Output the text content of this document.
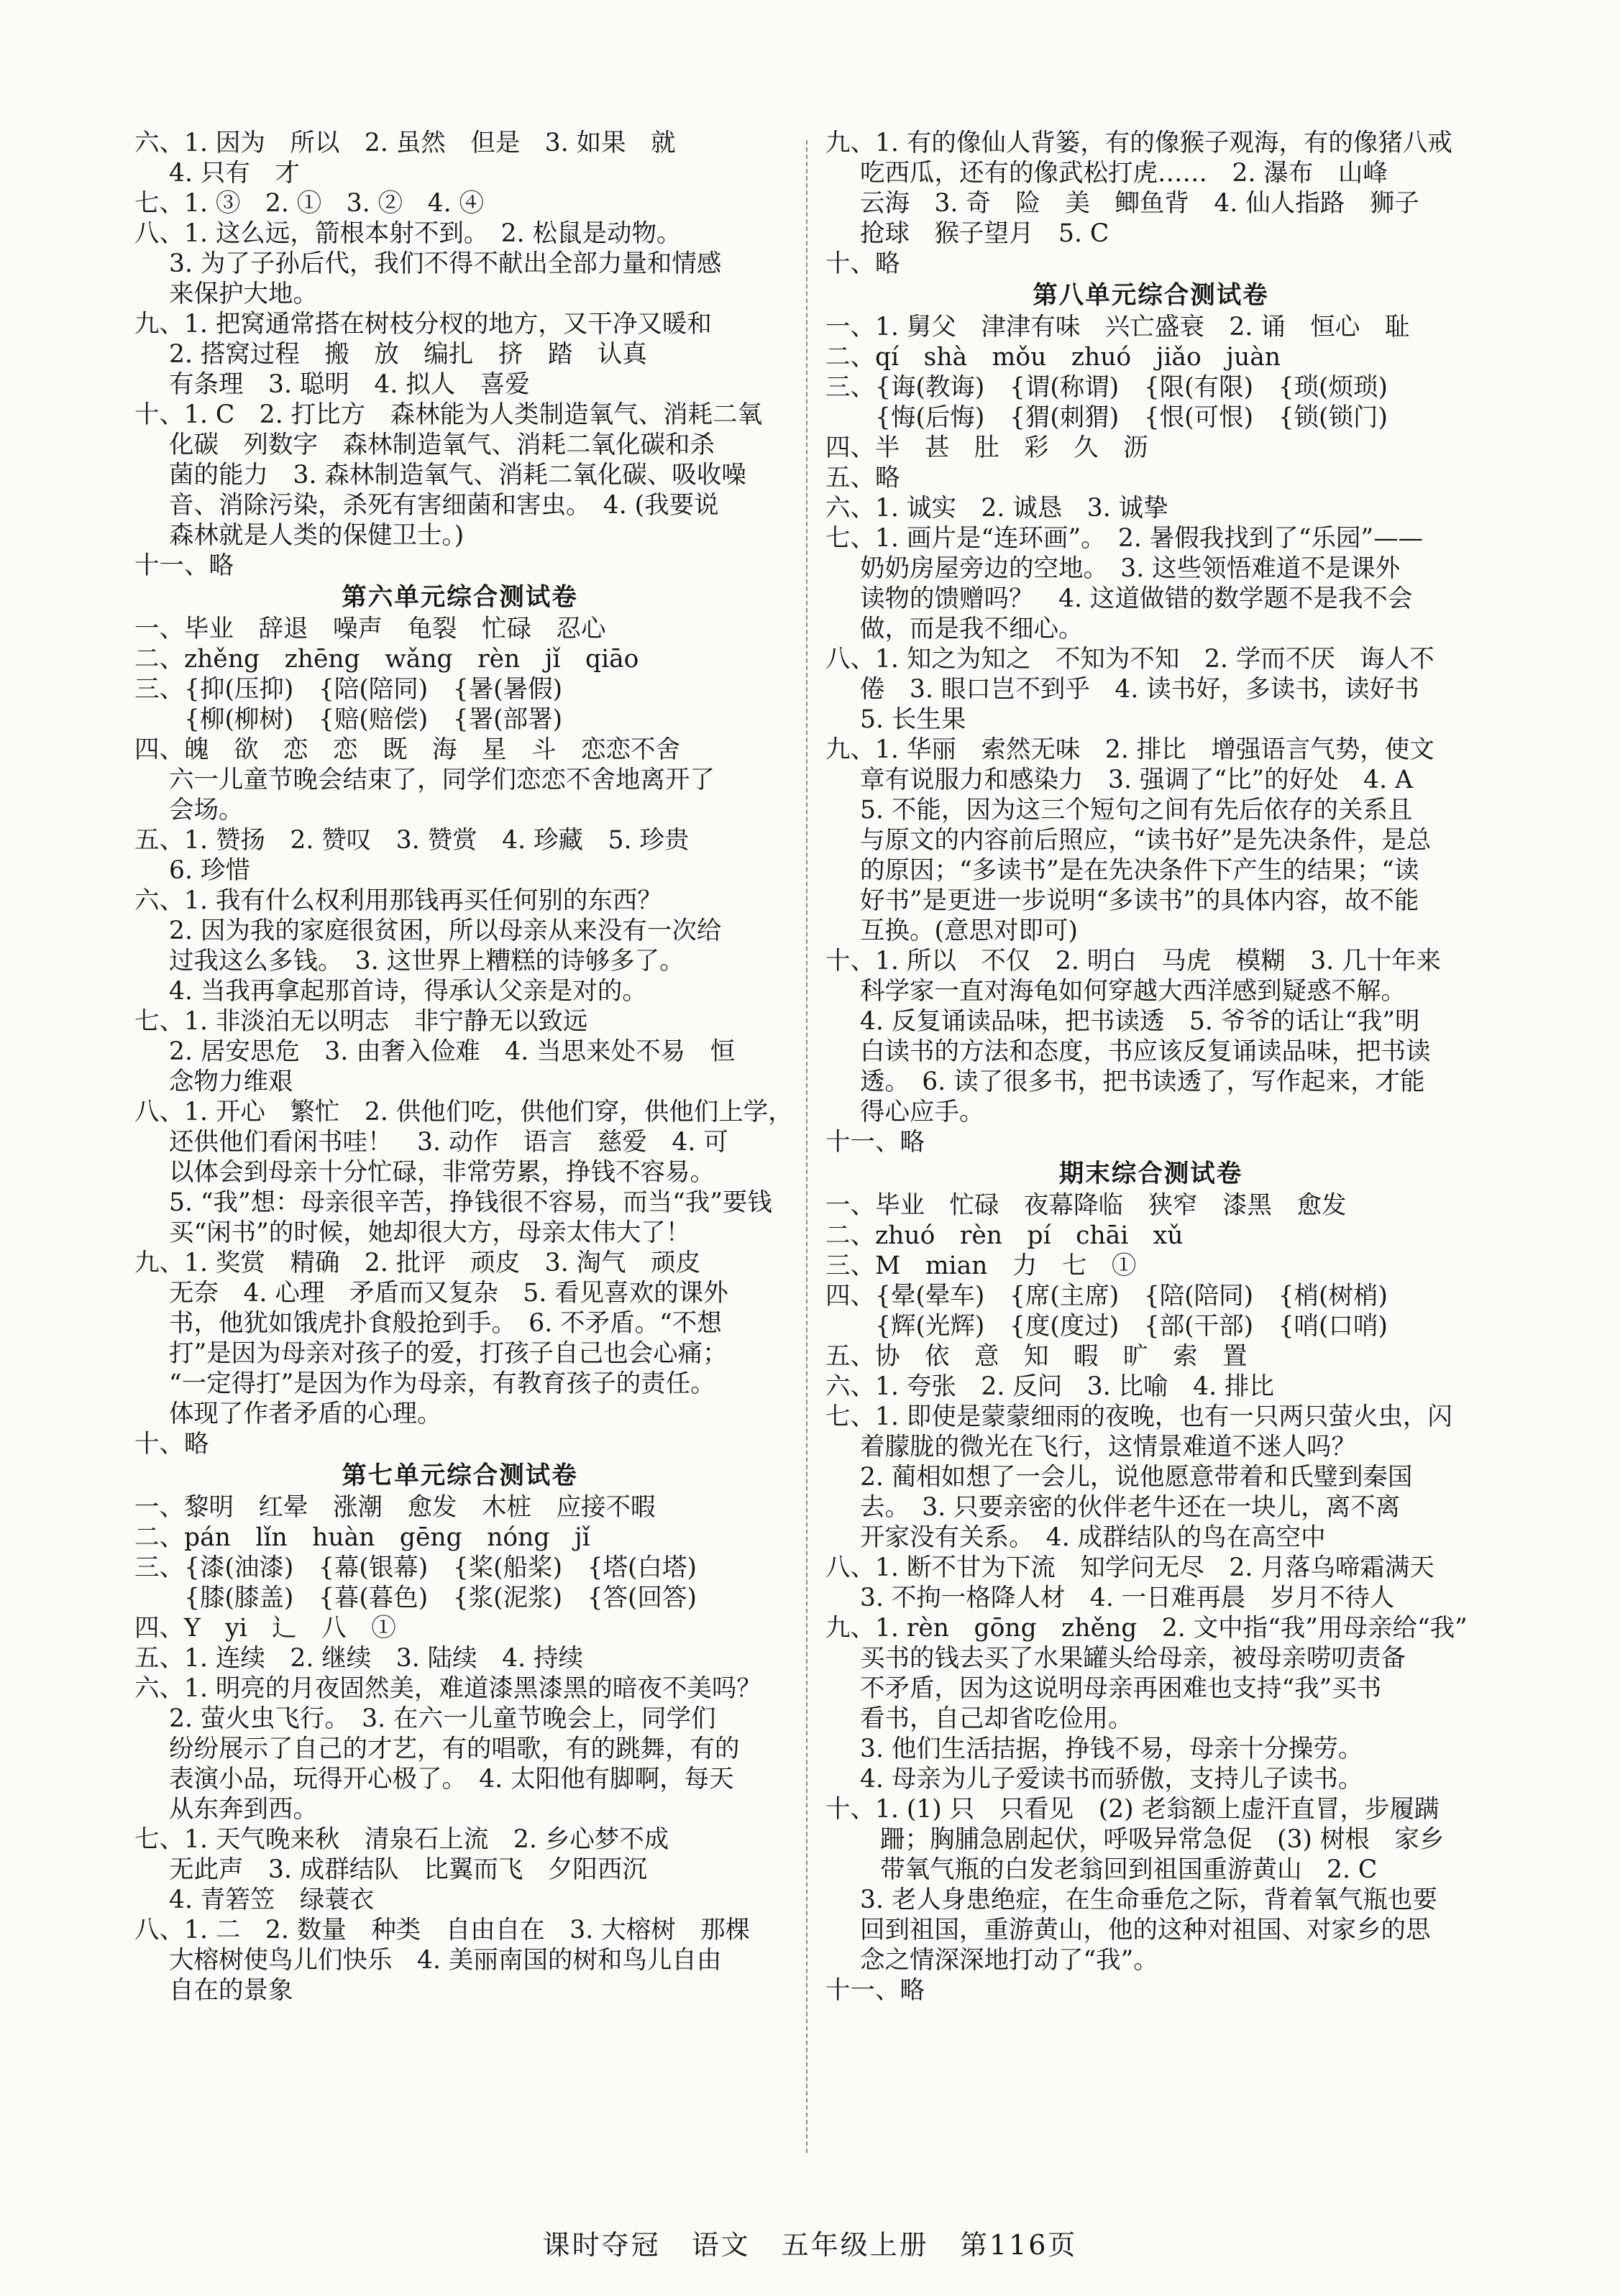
六、1. 因为　所以　2. 虽然　但是　3. 如果　就
4. 只有　才
七、1. ③　2. ①　3. ②　4. ④
八、1. 这么远，箭根本射不到。　2. 松鼠是动物。
3. 为了子孙后代，我们不得不献出全部力量和情感
来保护大地。
九、1. 把窝通常搭在树枝分杈的地方，又干净又暖和
2. 搭窝过程　搬　放　编扎　挤　踏　认真
有条理　3. 聪明　4. 拟人　喜爱
十、1. C　2. 打比方　森林能为人类制造氧气、消耗二氧
化碳　列数字　森林制造氧气、消耗二氧化碳和杀
菌的能力　3. 森林制造氧气、消耗二氧化碳、吸收噪
音、消除污染，杀死有害细菌和害虫。　4. (我要说
森林就是人类的保健卫士。)
十一、略
第六单元综合测试卷
一、毕业　辞退　噪声　龟裂　忙碌　忍心
二、zhěng　zhēng　wǎng　rèn　jǐ　qiāo
三、{抑(压抑)　{陪(陪同)　{暑(暑假)
　　{柳(柳树)　{赔(赔偿)　{署(部署)
四、魄　欲　恋　恋　既　海　星　斗　恋恋不舍
六一儿童节晚会结束了，同学们恋恋不舍地离开了
会场。
五、1. 赞扬　2. 赞叹　3. 赞赏　4. 珍藏　5. 珍贵
6. 珍惜
六、1. 我有什么权利用那钱再买任何别的东西？
2. 因为我的家庭很贫困，所以母亲从来没有一次给
过我这么多钱。　3. 这世界上糟糕的诗够多了。
4. 当我再拿起那首诗，得承认父亲是对的。
七、1. 非淡泊无以明志　非宁静无以致远
2. 居安思危　3. 由奢入俭难　4. 当思来处不易　恒
念物力维艰
八、1. 开心　繁忙　2. 供他们吃，供他们穿，供他们上学，
还供他们看闲书哇！　3. 动作　语言　慈爱　4. 可
以体会到母亲十分忙碌，非常劳累，挣钱不容易。
5. “我”想：母亲很辛苦，挣钱很不容易，而当“我”要钱
买“闲书”的时候，她却很大方，母亲太伟大了！
九、1. 奖赏　精确　2. 批评　顽皮　3. 淘气　顽皮
无奈　4. 心理　矛盾而又复杂　5. 看见喜欢的课外
书，他犹如饿虎扑食般抢到手。　6. 不矛盾。“不想
打”是因为母亲对孩子的爱，打孩子自己也会心痛；
“一定得打”是因为作为母亲，有教育孩子的责任。
体现了作者矛盾的心理。
十、略
第七单元综合测试卷
一、黎明　红晕　涨潮　愈发　木桩　应接不暇
二、pán　lǐn　huàn　gēng　nóng　jǐ
三、{漆(油漆)　{幕(银幕)　{桨(船桨)　{塔(白塔)
　　{膝(膝盖)　{暮(暮色)　{浆(泥浆)　{答(回答)
四、Y　yi　辶　八　①
五、1. 连续　2. 继续　3. 陆续　4. 持续
六、1. 明亮的月夜固然美，难道漆黑漆黑的暗夜不美吗？
2. 萤火虫飞行。　3. 在六一儿童节晚会上，同学们
纷纷展示了自己的才艺，有的唱歌，有的跳舞，有的
表演小品，玩得开心极了。　4. 太阳他有脚啊，每天
从东奔到西。
七、1. 天气晚来秋　清泉石上流　2. 乡心梦不成
无此声　3. 成群结队　比翼而飞　夕阳西沉
4. 青箬笠　绿蓑衣
八、1. 二　2. 数量　种类　自由自在　3. 大榕树　那棵
大榕树使鸟儿们快乐　4. 美丽南国的树和鸟儿自由
自在的景象
九、1. 有的像仙人背篓，有的像猴子观海，有的像猪八戒
吃西瓜，还有的像武松打虎……　2. 瀑布　山峰
云海　3. 奇　险　美　鲫鱼背　4. 仙人指路　狮子
抢球　猴子望月　5. C
十、略
第八单元综合测试卷
一、1. 舅父　津津有味　兴亡盛衰　2. 诵　恒心　耻
二、qí　shà　mǒu　zhuó　jiǎo　juàn
三、{诲(教诲)　{谓(称谓)　{限(有限)　{琐(烦琐)
　　{悔(后悔)　{猬(刺猬)　{恨(可恨)　{锁(锁门)
四、半　甚　肚　彩　久　沥
五、略
六、1. 诚实　2. 诚恳　3. 诚挚
七、1. 画片是“连环画”。　2. 暑假我找到了“乐园”——
奶奶房屋旁边的空地。　3. 这些领悟难道不是课外
读物的馈赠吗？　4. 这道做错的数学题不是我不会
做，而是我不细心。
八、1. 知之为知之　不知为不知　2. 学而不厌　诲人不
倦　3. 眼口岂不到乎　4. 读书好，多读书，读好书
5. 长生果
九、1. 华丽　索然无味　2. 排比　增强语言气势，使文
章有说服力和感染力　3. 强调了“比”的好处　4. A
5. 不能，因为这三个短句之间有先后依存的关系且
与原文的内容前后照应，“读书好”是先决条件，是总
的原因；“多读书”是在先决条件下产生的结果；“读
好书”是更进一步说明“多读书”的具体内容，故不能
互换。(意思对即可)
十、1. 所以　不仅　2. 明白　马虎　模糊　3. 几十年来
科学家一直对海龟如何穿越大西洋感到疑惑不解。
4. 反复诵读品味，把书读透　5. 爷爷的话让“我”明
白读书的方法和态度，书应该反复诵读品味，把书读
透。　6. 读了很多书，把书读透了，写作起来，才能
得心应手。
十一、略
期末综合测试卷
一、毕业　忙碌　夜幕降临　狭窄　漆黑　愈发
二、zhuó　rèn　pí　chāi　xǔ
三、M　mian　力　七　①
四、{晕(晕车)　{席(主席)　{陪(陪同)　{梢(树梢)
　　{辉(光辉)　{度(度过)　{部(干部)　{哨(口哨)
五、协　依　意　知　暇　旷　索　置
六、1. 夸张　2. 反问　3. 比喻　4. 排比
七、1. 即使是蒙蒙细雨的夜晚，也有一只两只萤火虫，闪
着朦胧的微光在飞行，这情景难道不迷人吗？
2. 蔺相如想了一会儿，说他愿意带着和氏璧到秦国
去。　3. 只要亲密的伙伴老牛还在一块儿，离不离
开家没有关系。　4. 成群结队的鸟在高空中
八、1. 断不甘为下流　知学问无尽　2. 月落乌啼霜满天
3. 不拘一格降人材　4. 一日难再晨　岁月不待人
九、1. rèn　gōng　zhěng　2. 文中指“我”用母亲给“我”
买书的钱去买了水果罐头给母亲，被母亲唠叨责备
不矛盾，因为这说明母亲再困难也支持“我”买书
看书，自己却省吃俭用。
3. 他们生活拮据，挣钱不易，母亲十分操劳。
4. 母亲为儿子爱读书而骄傲，支持儿子读书。
十、1. (1) 只　只看见　(2) 老翁额上虚汗直冒，步履蹒
跚；胸脯急剧起伏，呼吸异常急促　(3) 树根　家乡
带氧气瓶的白发老翁回到祖国重游黄山　2. C
3. 老人身患绝症，在生命垂危之际，背着氧气瓶也要
回到祖国，重游黄山，他的这种对祖国、对家乡的思
念之情深深地打动了“我”。
十一、略
课时夺冠 语文 五年级上册 第116页
